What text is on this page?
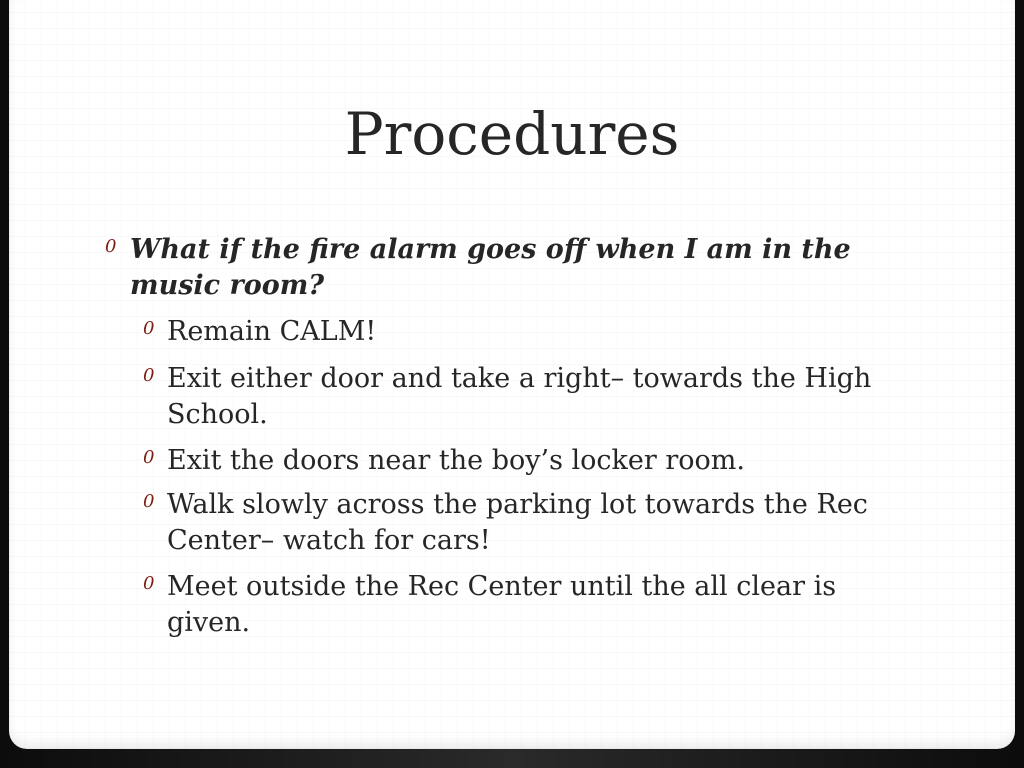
Procedures
0 What if the fire alarm goes off when I am in the music room?
0 Remain CALM!
0 Exit either door and take a right– towards the High School.
0 Exit the doors near the boy’s locker room.
0 Walk slowly across the parking lot towards the Rec Center– watch for cars!
0 Meet outside the Rec Center until the all clear is given.
